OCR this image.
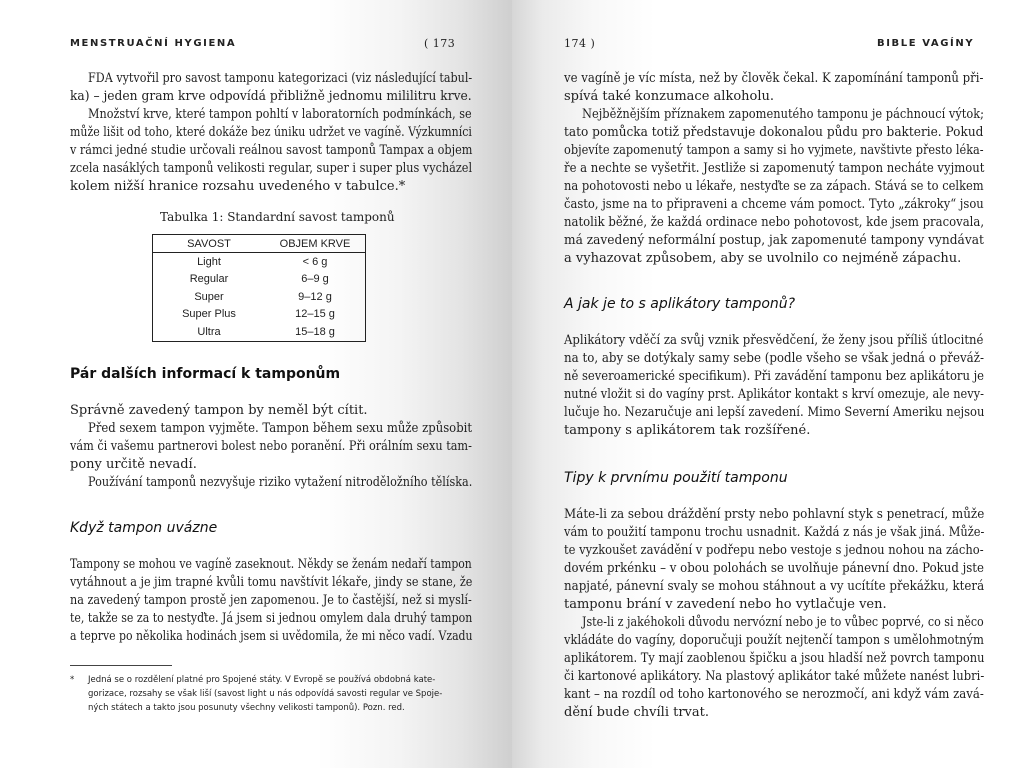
MENSTRUAČNÍ HYGIENA	( 173
FDA vytvořil pro savost tamponu kategorizaci (viz následující tabul-
ka) – jeden gram krve odpovídá přibližně jednomu mililitru krve.
Množství krve, které tampon pohltí v laboratorních podmínkách, se
může lišit od toho, které dokáže bez úniku udržet ve vagíně. Výzkumníci
v rámci jedné studie určovali reálnou savost tamponů Tampax a objem
zcela nasáklých tamponů velikosti regular, super i super plus vycházel
kolem nižší hranice rozsahu uvedeného v tabulce.*
Tabulka 1: Standardní savost tamponů
SAVOST	OBJEM KRVE
Light	< 6 g
Regular	6–9 g
Super	9–12 g
Super Plus	12–15 g
Ultra	15–18 g
Pár dalších informací k tamponům
Správně zavedený tampon by neměl být cítit.
Před sexem tampon vyjměte. Tampon během sexu může způsobit
vám či vašemu partnerovi bolest nebo poranění. Při orálním sexu tam-
pony určitě nevadí.
Používání tamponů nezvyšuje riziko vytažení nitroděložního tělíska.
Když tampon uvázne
Tampony se mohou ve vagíně zaseknout. Někdy se ženám nedaří tampon
vytáhnout a je jim trapné kvůli tomu navštívit lékaře, jindy se stane, že
na zavedený tampon prostě jen zapomenou. Je to častější, než si myslí-
te, takže se za to nestyďte. Já jsem si jednou omylem dala druhý tampon
a teprve po několika hodinách jsem si uvědomila, že mi něco vadí. Vzadu
* Jedná se o rozdělení platné pro Spojené státy. V Evropě se používá obdobná kate-
gorizace, rozsahy se však liší (savost light u nás odpovídá savosti regular ve Spoje-
ných státech a takto jsou posunuty všechny velikosti tamponů). Pozn. red.
174 )	BIBLE VAGÍNY
ve vagíně je víc místa, než by člověk čekal. K zapomínání tamponů při-
spívá také konzumace alkoholu.
Nejběžnějším příznakem zapomenutého tamponu je páchnoucí výtok;
tato pomůcka totiž představuje dokonalou půdu pro bakterie. Pokud
objevíte zapomenutý tampon a samy si ho vyjmete, navštivte přesto léka-
ře a nechte se vyšetřit. Jestliže si zapomenutý tampon necháte vyjmout
na pohotovosti nebo u lékaře, nestyďte se za zápach. Stává se to celkem
často, jsme na to připraveni a chceme vám pomoct. Tyto „zákroky“ jsou
natolik běžné, že každá ordinace nebo pohotovost, kde jsem pracovala,
má zavedený neformální postup, jak zapomenuté tampony vyndávat
a vyhazovat způsobem, aby se uvolnilo co nejméně zápachu.
A jak je to s aplikátory tamponů?
Aplikátory vděčí za svůj vznik přesvědčení, že ženy jsou příliš útlocitné
na to, aby se dotýkaly samy sebe (podle všeho se však jedná o převáž-
ně severoamerické specifikum). Při zavádění tamponu bez aplikátoru je
nutné vložit si do vagíny prst. Aplikátor kontakt s krví omezuje, ale nevy-
lučuje ho. Nezaručuje ani lepší zavedení. Mimo Severní Ameriku nejsou
tampony s aplikátorem tak rozšířené.
Tipy k prvnímu použití tamponu
Máte-li za sebou dráždění prsty nebo pohlavní styk s penetrací, může
vám to použití tamponu trochu usnadnit. Každá z nás je však jiná. Může-
te vyzkoušet zavádění v podřepu nebo vestoje s jednou nohou na zácho-
dovém prkénku – v obou polohách se uvolňuje pánevní dno. Pokud jste
napjaté, pánevní svaly se mohou stáhnout a vy ucítíte překážku, která
tamponu brání v zavedení nebo ho vytlačuje ven.
Jste-li z jakéhokoli důvodu nervózní nebo je to vůbec poprvé, co si něco
vkládáte do vagíny, doporučuji použít nejtenčí tampon s umělohmotným
aplikátorem. Ty mají zaoblenou špičku a jsou hladší než povrch tamponu
či kartonové aplikátory. Na plastový aplikátor také můžete nanést lubri-
kant – na rozdíl od toho kartonového se nerozmočí, ani když vám zavá-
dění bude chvíli trvat.
